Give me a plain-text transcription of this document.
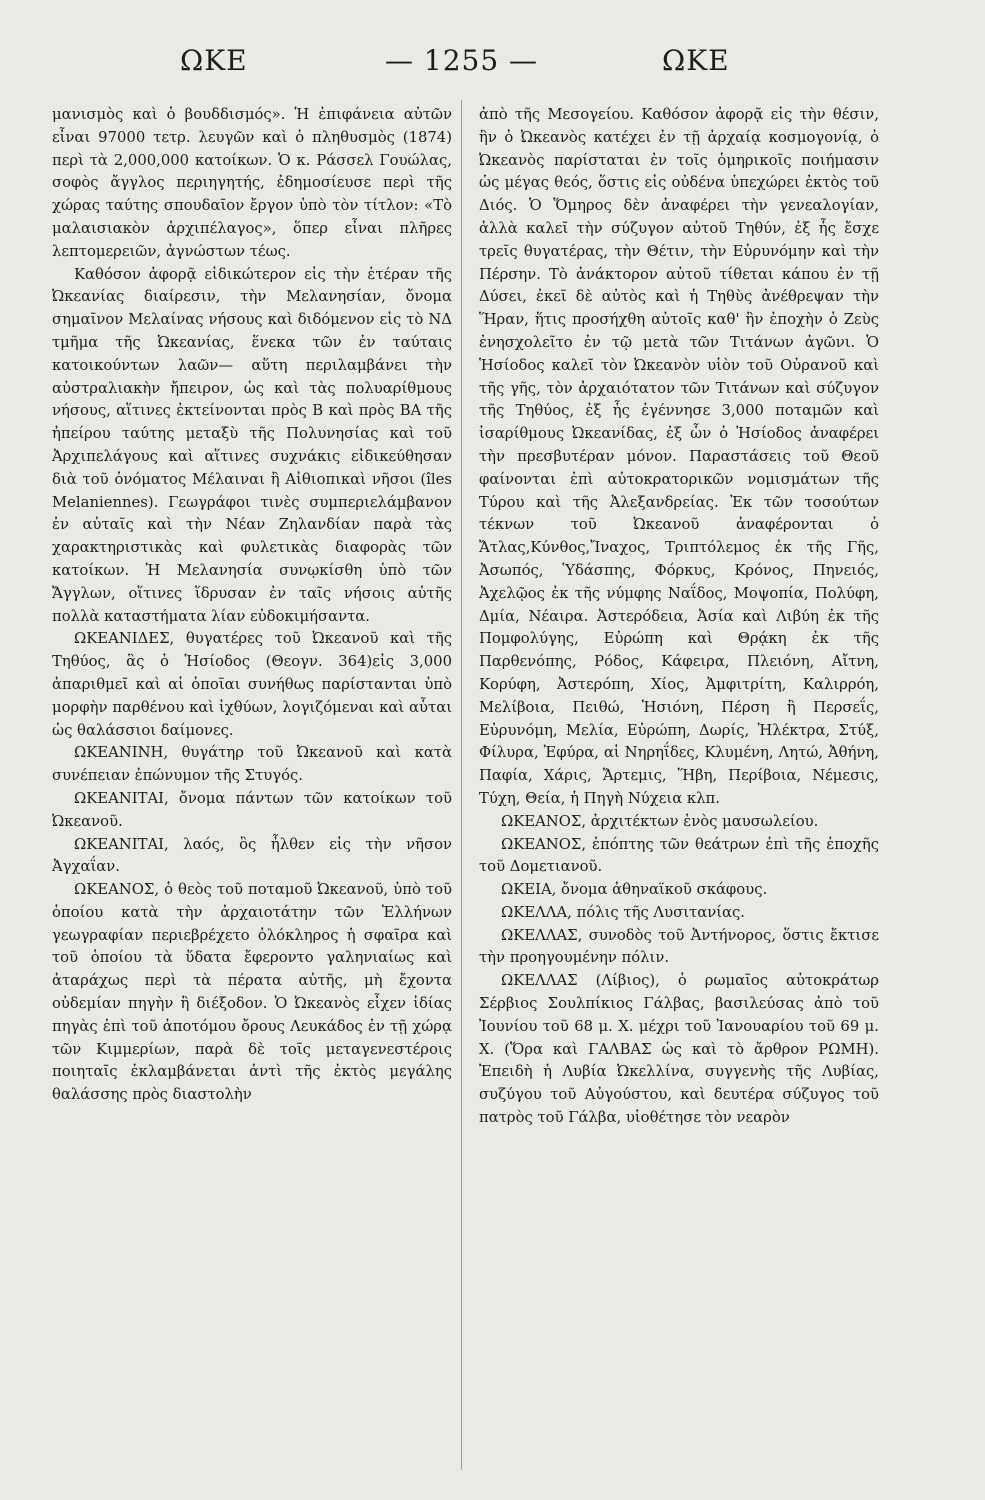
ΩΚΕ	— 1255 —	ΩΚΕ

μανισμὸς καὶ ὁ βουδδισμός». Ἡ ἐπιφάνεια αὐτῶν εἶναι 97000 τετρ. λευγῶν καὶ ὁ πληθυσμὸς (1874) περὶ τὰ 2,000,000 κατοίκων. Ὁ κ. Ράσσελ Γουώλας, σοφὸς ἄγγλος περιηγητής, ἐδημοσίευσε περὶ τῆς χώρας ταύτης σπουδαῖον ἔργον ὑπὸ τὸν τίτλον: «Τὸ μαλαισιακὸν ἀρχιπέλαγος», ὅπερ εἶναι πλῆρες λεπτομερειῶν, ἀγνώστων τέως.

Καθόσον ἀφορᾷ εἰδικώτερον εἰς τὴν ἑτέραν τῆς Ὠκεανίας διαίρεσιν, τὴν Μελανησίαν, ὄνομα σημαῖνον Μελαίνας νήσους καὶ διδόμενον εἰς τὸ ΝΔ τμῆμα τῆς Ὠκεανίας, ἕνεκα τῶν ἐν ταύταις κατοικούντων λαῶν— αὕτη περιλαμβάνει τὴν αὐστραλιακὴν ἤπειρον, ὡς καὶ τὰς πολυαρίθμους νήσους, αἵτινες ἐκτείνονται πρὸς Β καὶ πρὸς ΒΑ τῆς ἠπείρου ταύτης μεταξὺ τῆς Πολυνησίας καὶ τοῦ Ἀρχιπελάγους καὶ αἵτινες συχνάκις εἰδικεύθησαν διὰ τοῦ ὀνόματος Μέλαιναι ἢ Αἰθιοπικαὶ νῆσοι (îles Melaniennes). Γεωγράφοι τινὲς συμπεριελάμβανον ἐν αὐταῖς καὶ τὴν Νέαν Ζηλανδίαν παρὰ τὰς χαρακτηριστικὰς καὶ φυλετικὰς διαφορὰς τῶν κατοίκων. Ἡ Μελανησία συνῳκίσθη ὑπὸ τῶν Ἄγγλων, οἵτινες ἵδρυσαν ἐν ταῖς νήσοις αὐτῆς πολλὰ καταστήματα λίαν εὐδοκιμήσαντα.

ΩΚΕΑΝΙΔΕΣ, θυγατέρες τοῦ Ὠκεανοῦ καὶ τῆς Τηθύος, ἃς ὁ Ἡσίοδος (Θεογν. 364)εἰς 3,000 ἀπαριθμεῖ καὶ αἱ ὁποῖαι συνήθως παρίστανται ὑπὸ μορφὴν παρθένου καὶ ἰχθύων, λογιζόμεναι καὶ αὗται ὡς θαλάσσιοι δαίμονες.

ΩΚΕΑΝΙΝΗ, θυγάτηρ τοῦ Ὠκεανοῦ καὶ κατὰ συνέπειαν ἐπώνυμον τῆς Στυγός.

ΩΚΕΑΝΙΤΑΙ, ὄνομα πάντων τῶν κατοίκων τοῦ Ὠκεανοῦ.

ΩΚΕΑΝΙΤΑΙ, λαός, ὃς ἦλθεν εἰς τὴν νῆσον Ἀγχαΐαν.

ΩΚΕΑΝΟΣ, ὁ θεὸς τοῦ ποταμοῦ Ὠκεανοῦ, ὑπὸ τοῦ ὁποίου κατὰ τὴν ἀρχαιοτάτην τῶν Ἑλλήνων γεωγραφίαν περιεβρέχετο ὁλόκληρος ἡ σφαῖρα καὶ τοῦ ὁποίου τὰ ὕδατα ἔφεροντο γαληνιαίως καὶ ἀταράχως περὶ τὰ πέρατα αὐτῆς, μὴ ἔχοντα οὐδεμίαν πηγὴν ἢ διέξοδον. Ὁ Ὠκεανὸς εἶχεν ἰδίας πηγὰς ἐπὶ τοῦ ἀποτόμου ὄρους Λευκάδος ἐν τῇ χώρᾳ τῶν Κιμμερίων, παρὰ δὲ τοῖς μεταγενεστέροις ποιηταῖς ἐκλαμβάνεται ἀντὶ τῆς ἐκτὸς μεγάλης θαλάσσης πρὸς διαστολὴν

ἀπὸ τῆς Μεσογείου. Καθόσον ἀφορᾷ εἰς τὴν θέσιν, ἣν ὁ Ὠκεανὸς κατέχει ἐν τῇ ἀρχαίᾳ κοσμογονίᾳ, ὁ Ὠκεανὸς παρίσταται ἐν τοῖς ὁμηρικοῖς ποιήμασιν ὡς μέγας θεός, ὅστις εἰς οὐδένα ὑπεχώρει ἐκτὸς τοῦ Διός. Ὁ Ὅμηρος δὲν ἀναφέρει τὴν γενεαλογίαν, ἀλλὰ καλεῖ τὴν σύζυγον αὐτοῦ Τηθύν, ἐξ ἧς ἔσχε τρεῖς θυγατέρας, τὴν Θέτιν, τὴν Εὐρυνόμην καὶ τὴν Πέρσην. Τὸ ἀνάκτορον αὐτοῦ τίθεται κάπου ἐν τῇ Δύσει, ἐκεῖ δὲ αὐτὸς καὶ ἡ Τηθὺς ἀνέθρεψαν τὴν Ἥραν, ἥτις προσήχθη αὐτοῖς καθ' ἣν ἐποχὴν ὁ Ζεὺς ἐνησχολεῖτο ἐν τῷ μετὰ τῶν Τιτάνων ἀγῶνι. Ὁ Ἡσίοδος καλεῖ τὸν Ὠκεανὸν υἱὸν τοῦ Οὐρανοῦ καὶ τῆς γῆς, τὸν ἀρχαιότατον τῶν Τιτάνων καὶ σύζυγον τῆς Τηθύος, ἐξ ἧς ἐγέννησε 3,000 ποταμῶν καὶ ἰσαρίθμους Ὠκεανίδας, ἐξ ὧν ὁ Ἡσίοδος ἀναφέρει τὴν πρεσβυτέραν μόνον. Παραστάσεις τοῦ Θεοῦ φαίνονται ἐπὶ αὐτοκρατορικῶν νομισμάτων τῆς Τύρου καὶ τῆς Ἀλεξανδρείας. Ἐκ τῶν τοσούτων τέκνων τοῦ Ὠκεανοῦ ἀναφέρονται ὁ Ἄτλας,Κύνθος,Ἴναχος, Τριπτόλεμος ἐκ τῆς Γῆς, Ἀσωπός, Ὑδάσπης, Φόρκυς, Κρόνος, Πηνειός, Ἀχελῷος ἐκ τῆς νύμφης Ναΐδος, Μοψοπία, Πολύφη, Δμία, Νέαιρα. Ἀστερόδεια, Ἀσία καὶ Λιβύη ἐκ τῆς Πομφολύγης, Εὐρώπη καὶ Θρᾴκη ἐκ τῆς Παρθενόπης, Ρόδος, Κάφειρα, Πλειόνη, Αἴτνη, Κορύφη, Ἀστερόπη, Χίος, Ἀμφιτρίτη, Καλιρρόη, Μελίβοια, Πειθώ, Ἡσιόνη, Πέρση ἢ Περσεΐς, Εὐρυνόμη, Μελία, Εὐρώπη, Δωρίς, Ἠλέκτρα, Στύξ, Φίλυρα, Ἐφύρα, αἱ Νηρηΐδες, Κλυμένη, Λητώ, Ἀθήνη, Παφία, Χάρις, Ἄρτεμις, Ἥβη, Περίβοια, Νέμεσις, Τύχη, Θεία, ἡ Πηγὴ Νύχεια κλπ.

ΩΚΕΑΝΟΣ, ἀρχιτέκτων ἑνὸς μαυσωλείου.

ΩΚΕΑΝΟΣ, ἐπόπτης τῶν θεάτρων ἐπὶ τῆς ἐποχῆς τοῦ Δομετιανοῦ.

ΩΚΕΙΑ, ὄνομα ἀθηναϊκοῦ σκάφους.

ΩΚΕΛΛΑ, πόλις τῆς Λυσιτανίας.

ΩΚΕΛΛΑΣ, συνοδὸς τοῦ Ἀντήνορος, ὅστις ἔκτισε τὴν προηγουμένην πόλιν.

ΩΚΕΛΛΑΣ (Λίβιος), ὁ ρωμαῖος αὐτοκράτωρ Σέρβιος Σουλπίκιος Γάλβας, βασιλεύσας ἀπὸ τοῦ Ἰουνίου τοῦ 68 μ. Χ. μέχρι τοῦ Ἰανουαρίου τοῦ 69 μ. Χ. (Ὅρα καὶ ΓΑΛΒΑΣ ὡς καὶ τὸ ἄρθρον ΡΩΜΗ). Ἐπειδὴ ἡ Λυβία Ὠκελλίνα, συγγενὴς τῆς Λυβίας, συζύγου τοῦ Αὐγούστου, καὶ δευτέρα σύζυγος τοῦ πατρὸς τοῦ Γάλβα, υἱοθέτησε τὸν νεαρὸν
